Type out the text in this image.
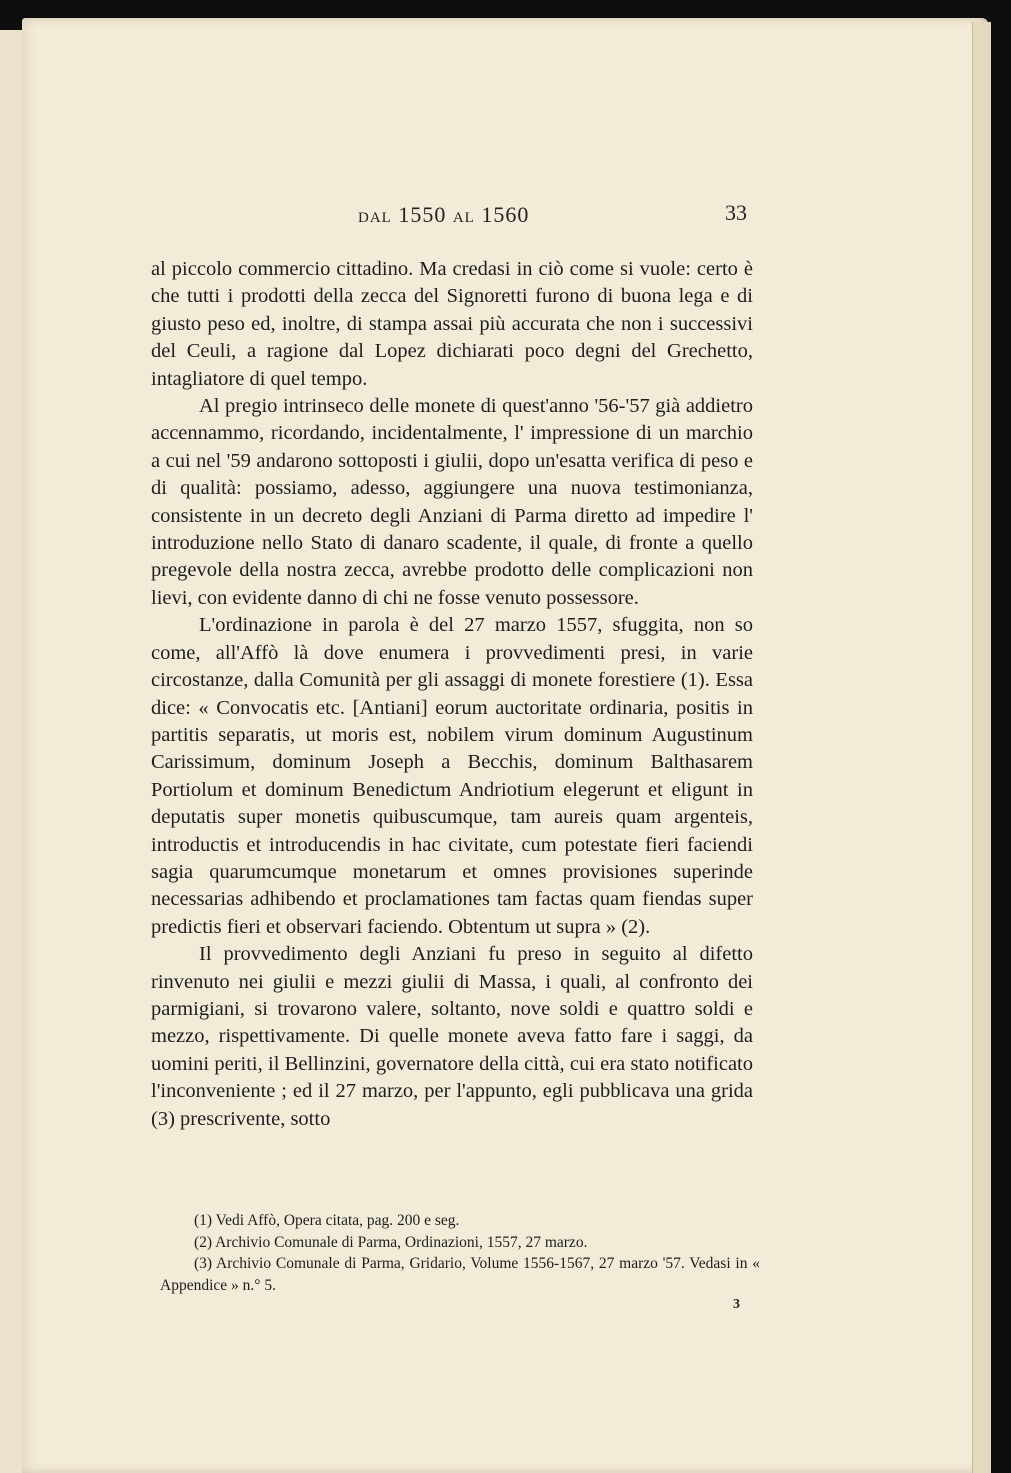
DAL 1550 AL 1560	33

al piccolo commercio cittadino. Ma credasi in ciò come si vuole: certo è che tutti i prodotti della zecca del Signoretti furono di buona lega e di giusto peso ed, inoltre, di stampa assai più accurata che non i successivi del Ceuli, a ragione dal Lopez dichiarati poco degni del Grechetto, intagliatore di quel tempo.

Al pregio intrinseco delle monete di quest'anno '56-'57 già addietro accennammo, ricordando, incidentalmente, l' impressione di un marchio a cui nel '59 andarono sottoposti i giulii, dopo un'esatta verifica di peso e di qualità: possiamo, adesso, aggiungere una nuova testimonianza, consistente in un decreto degli Anziani di Parma diretto ad impedire l' introduzione nello Stato di danaro scadente, il quale, di fronte a quello pregevole della nostra zecca, avrebbe prodotto delle complicazioni non lievi, con evidente danno di chi ne fosse venuto possessore.

L'ordinazione in parola è del 27 marzo 1557, sfuggita, non so come, all'Affò là dove enumera i provvedimenti presi, in varie circostanze, dalla Comunità per gli assaggi di monete forestiere (1). Essa dice: « Convocatis etc. [Antiani] eorum auctoritate ordinaria, positis in partitis separatis, ut moris est, nobilem virum dominum Augustinum Carissimum, dominum Joseph a Becchis, dominum Balthasarem Portiolum et dominum Benedictum Andriotium elegerunt et eligunt in deputatis super monetis quibuscumque, tam aureis quam argenteis, introductis et introducendis in hac civitate, cum potestate fieri faciendi sagia quarumcumque monetarum et omnes provisiones superinde necessarias adhibendo et proclamationes tam factas quam fiendas super predictis fieri et observari faciendo. Obtentum ut supra » (2).

Il provvedimento degli Anziani fu preso in seguito al difetto rinvenuto nei giulii e mezzi giulii di Massa, i quali, al confronto dei parmigiani, si trovarono valere, soltanto, nove soldi e quattro soldi e mezzo, rispettivamente. Di quelle monete aveva fatto fare i saggi, da uomini periti, il Bellinzini, governatore della città, cui era stato notificato l'inconveniente ; ed il 27 marzo, per l'appunto, egli pubblicava una grida (3) prescrivente, sotto

(1) Vedi Affò, Opera citata, pag. 200 e seg.
(2) Archivio Comunale di Parma, Ordinazioni, 1557, 27 marzo.
(3) Archivio Comunale di Parma, Gridario, Volume 1556-1567, 27 marzo '57. Vedasi in « Appendice » n.° 5.
3
